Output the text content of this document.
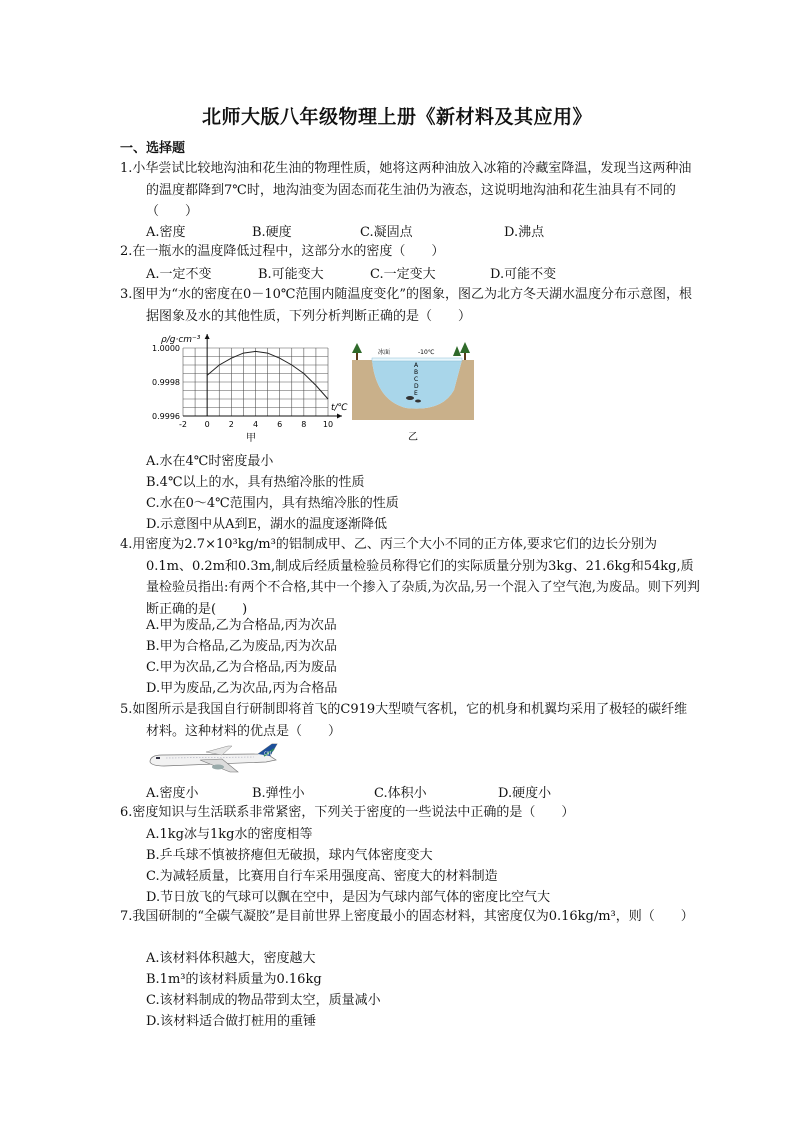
北师大版八年级物理上册《新材料及其应用》
一、选择题
1.小华尝试比较地沟油和花生油的物理性质，她将这两种油放入冰箱的冷藏室降温，发现当这两种油的温度都降到7℃时，地沟油变为固态而花生油仍为液态，这说明地沟油和花生油具有不同的（　　）
A.密度	B.硬度	C.凝固点	D.沸点
2.在一瓶水的温度降低过程中，这部分水的密度（　　）
A.一定不变	B.可能变大	C.一定变大	D.可能不变
3.图甲为“水的密度在0－10℃范围内随温度变化”的图象，图乙为北方冬天湖水温度分布示意图，根据图象及水的其他性质，下列分析判断正确的是（　　）
-2 0 2 4 6 8 10
1.0000
0.9998
0.9996
ρ/g·cm⁻³
t/℃
甲
冰面	-10℃
A
B
C
D
E
乙
A.水在4℃时密度最小
B.4℃以上的水，具有热缩冷胀的性质
C.水在0～4℃范围内，具有热缩冷胀的性质
D.示意图中从A到E，湖水的温度逐渐降低
4.用密度为2.7×10³kg/m³的铝制成甲、乙、丙三个大小不同的正方体,要求它们的边长分别为0.1m、0.2m和0.3m,制成后经质量检验员称得它们的实际质量分别为3kg、21.6kg和54kg,质量检验员指出:有两个不合格,其中一个掺入了杂质,为次品,另一个混入了空气泡,为废品。则下列判断正确的是(　　)
A.甲为废品,乙为合格品,丙为次品
B.甲为合格品,乙为废品,丙为次品
C.甲为次品,乙为合格品,丙为废品
D.甲为废品,乙为次品,丙为合格品
5.如图所示是我国自行研制即将首飞的C919大型喷气客机，它的机身和机翼均采用了极轻的碳纤维材料。这种材料的优点是（　　）
C919
A.密度小	B.弹性小	C.体积小	D.硬度小
6.密度知识与生活联系非常紧密，下列关于密度的一些说法中正确的是（　　）
A.1kg冰与1kg水的密度相等
B.乒乓球不慎被挤瘪但无破损，球内气体密度变大
C.为减轻质量，比赛用自行车采用强度高、密度大的材料制造
D.节日放飞的气球可以飘在空中，是因为气球内部气体的密度比空气大
7.我国研制的“全碳气凝胶”是目前世界上密度最小的固态材料，其密度仅为0.16kg/m³，则（　　）
A.该材料体积越大，密度越大
B.1m³的该材料质量为0.16kg
C.该材料制成的物品带到太空，质量减小
D.该材料适合做打桩用的重锤
